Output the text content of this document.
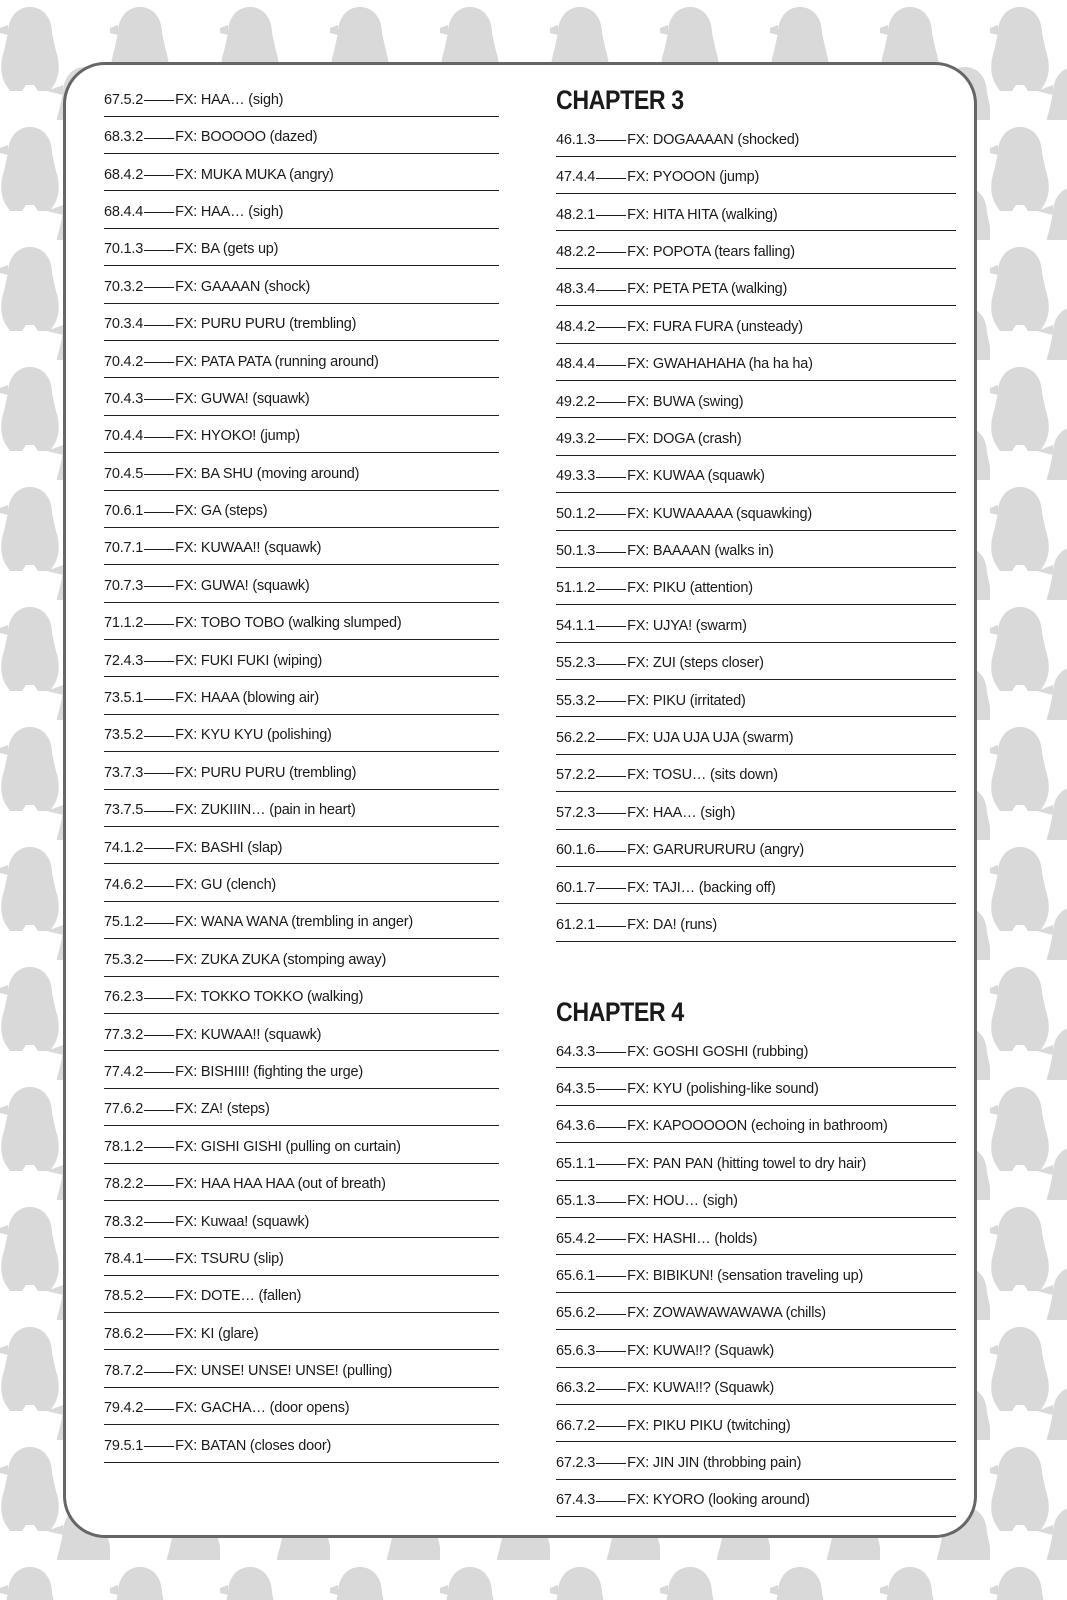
67.5.2 FX: HAA… (sigh)
68.3.2 FX: BOOOOO (dazed)
68.4.2 FX: MUKA MUKA (angry)
68.4.4 FX: HAA… (sigh)
70.1.3 FX: BA (gets up)
70.3.2 FX: GAAAAN (shock)
70.3.4 FX: PURU PURU (trembling)
70.4.2 FX: PATA PATA (running around)
70.4.3 FX: GUWA! (squawk)
70.4.4 FX: HYOKO! (jump)
70.4.5 FX: BA SHU (moving around)
70.6.1 FX: GA (steps)
70.7.1 FX: KUWAA!! (squawk)
70.7.3 FX: GUWA! (squawk)
71.1.2 FX: TOBO TOBO (walking slumped)
72.4.3 FX: FUKI FUKI (wiping)
73.5.1 FX: HAAA (blowing air)
73.5.2 FX: KYU KYU (polishing)
73.7.3 FX: PURU PURU (trembling)
73.7.5 FX: ZUKIIIN… (pain in heart)
74.1.2 FX: BASHI (slap)
74.6.2 FX: GU (clench)
75.1.2 FX: WANA WANA (trembling in anger)
75.3.2 FX: ZUKA ZUKA (stomping away)
76.2.3 FX: TOKKO TOKKO (walking)
77.3.2 FX: KUWAA!! (squawk)
77.4.2 FX: BISHIII! (fighting the urge)
77.6.2 FX: ZA! (steps)
78.1.2 FX: GISHI GISHI (pulling on curtain)
78.2.2 FX: HAA HAA HAA (out of breath)
78.3.2 FX: Kuwaa! (squawk)
78.4.1 FX: TSURU (slip)
78.5.2 FX: DOTE… (fallen)
78.6.2 FX: KI (glare)
78.7.2 FX: UNSE! UNSE! UNSE! (pulling)
79.4.2 FX: GACHA… (door opens)
79.5.1 FX: BATAN (closes door)
CHAPTER 3
46.1.3 FX: DOGAAAAN (shocked)
47.4.4 FX: PYOOON (jump)
48.2.1 FX: HITA HITA (walking)
48.2.2 FX: POPOTA (tears falling)
48.3.4 FX: PETA PETA (walking)
48.4.2 FX: FURA FURA (unsteady)
48.4.4 FX: GWAHAHAHA (ha ha ha)
49.2.2 FX: BUWA (swing)
49.3.2 FX: DOGA (crash)
49.3.3 FX: KUWAA (squawk)
50.1.2 FX: KUWAAAAA (squawking)
50.1.3 FX: BAAAAN (walks in)
51.1.2 FX: PIKU (attention)
54.1.1 FX: UJYA! (swarm)
55.2.3 FX: ZUI (steps closer)
55.3.2 FX: PIKU (irritated)
56.2.2 FX: UJA UJA UJA (swarm)
57.2.2 FX: TOSU… (sits down)
57.2.3 FX: HAA… (sigh)
60.1.6 FX: GARURURURU (angry)
60.1.7 FX: TAJI… (backing off)
61.2.1 FX: DA! (runs)
CHAPTER 4
64.3.3 FX: GOSHI GOSHI (rubbing)
64.3.5 FX: KYU (polishing-like sound)
64.3.6 FX: KAPOOOOON (echoing in bathroom)
65.1.1 FX: PAN PAN (hitting towel to dry hair)
65.1.3 FX: HOU… (sigh)
65.4.2 FX: HASHI… (holds)
65.6.1 FX: BIBIKUN! (sensation traveling up)
65.6.2 FX: ZOWAWAWAWAWA (chills)
65.6.3 FX: KUWA!!? (Squawk)
66.3.2 FX: KUWA!!? (Squawk)
66.7.2 FX: PIKU PIKU (twitching)
67.2.3 FX: JIN JIN (throbbing pain)
67.4.3 FX: KYORO (looking around)
